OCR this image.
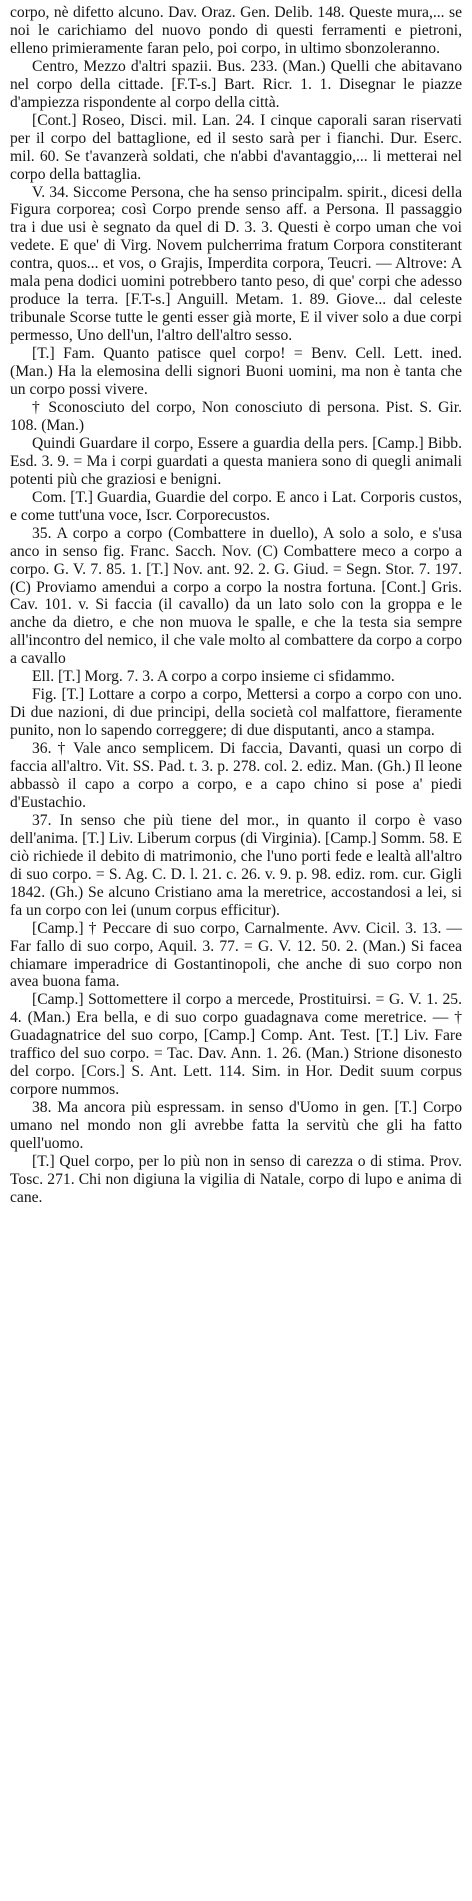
corpo, nè difetto alcuno. Dav. Oraz. Gen. Delib. 148. Queste mura,... se noi le carichiamo del nuovo pondo di questi ferramenti e pietroni, elleno primieramente faran pelo, poi corpo, in ultimo sbonzoleranno.

Centro, Mezzo d'altri spazii. Bus. 233. (Man.) Quelli che abitavano nel corpo della cittade. [F.T-s.] Bart. Ricr. 1. 1. Disegnar le piazze d'ampiezza rispondente al corpo della città.

[Cont.] Roseo, Disci. mil. Lan. 24. I cinque caporali saran riservati per il corpo del battaglione, ed il sesto sarà per i fianchi. Dur. Eserc. mil. 60. Se t'avanzerà soldati, che n'abbi d'avantaggio,... li metterai nel corpo della battaglia.

V. 34. Siccome Persona, che ha senso principalm. spirit., dicesi della Figura corporea; così Corpo prende senso aff. a Persona. Il passaggio tra i due usi è segnato da quel di D. 3. 3. Questi è corpo uman che voi vedete. E que' di Virg. Novem pulcherrima fratum Corpora constiterant contra, quos... et vos, o Grajis, Imperdita corpora, Teucri. — Altrove: A mala pena dodici uomini potrebbero tanto peso, di que' corpi che adesso produce la terra. [F.T-s.] Anguill. Metam. 1. 89. Giove... dal celeste tribunale Scorse tutte le genti esser già morte, E il viver solo a due corpi permesso, Uno dell'un, l'altro dell'altro sesso.

[T.] Fam. Quanto patisce quel corpo! = Benv. Cell. Lett. ined. (Man.) Ha la elemosina delli signori Buoni uomini, ma non è tanta che un corpo possi vivere.

† Sconosciuto del corpo, Non conosciuto di persona. Pist. S. Gir. 108. (Man.)

Quindi Guardare il corpo, Essere a guardia della pers. [Camp.] Bibb. Esd. 3. 9. = Ma i corpi guardati a questa maniera sono di quegli animali potenti più che graziosi e benigni.

Com. [T.] Guardia, Guardie del corpo. E anco i Lat. Corporis custos, e come tutt'una voce, Iscr. Corporecustos.

35. A corpo a corpo (Combattere in duello), A solo a solo, e s'usa anco in senso fig. Franc. Sacch. Nov. (C) Combattere meco a corpo a corpo. G. V. 7. 85. 1. [T.] Nov. ant. 92. 2. G. Giud. = Segn. Stor. 7. 197. (C) Proviamo amendui a corpo a corpo la nostra fortuna. [Cont.] Gris. Cav. 101. v. Si faccia (il cavallo) da un lato solo con la groppa e le anche da dietro, e che non muova le spalle, e che la testa sia sempre all'incontro del nemico, il che vale molto al combattere da corpo a corpo a cavallo

Ell. [T.] Morg. 7. 3. A corpo a corpo insieme ci sfidammo.

Fig. [T.] Lottare a corpo a corpo, Mettersi a corpo a corpo con uno. Di due nazioni, di due principi, della società col malfattore, fieramente punito, non lo sapendo correggere; di due disputanti, anco a stampa.

36. † Vale anco semplicem. Di faccia, Davanti, quasi un corpo di faccia all'altro. Vit. SS. Pad. t. 3. p. 278. col. 2. ediz. Man. (Gh.) Il leone abbassò il capo a corpo a corpo, e a capo chino si pose a' piedi d'Eustachio.

37. In senso che più tiene del mor., in quanto il corpo è vaso dell'anima. [T.] Liv. Liberum corpus (di Virginia). [Camp.] Somm. 58. E ciò richiede il debito di matrimonio, che l'uno porti fede e lealtà all'altro di suo corpo. = S. Ag. C. D. l. 21. c. 26. v. 9. p. 98. ediz. rom. cur. Gigli 1842. (Gh.) Se alcuno Cristiano ama la meretrice, accostandosi a lei, si fa un corpo con lei (unum corpus efficitur).

[Camp.] † Peccare di suo corpo, Carnalmente. Avv. Cicil. 3. 13. — Far fallo di suo corpo, Aquil. 3. 77. = G. V. 12. 50. 2. (Man.) Si facea chiamare imperadrice di Gostantinopoli, che anche di suo corpo non avea buona fama.

[Camp.] Sottomettere il corpo a mercede, Prostituirsi. = G. V. 1. 25. 4. (Man.) Era bella, e di suo corpo guadagnava come meretrice. — † Guadagnatrice del suo corpo, [Camp.] Comp. Ant. Test. [T.] Liv. Fare traffico del suo corpo. = Tac. Dav. Ann. 1. 26. (Man.) Strione disonesto del corpo. [Cors.] S. Ant. Lett. 114. Sim. in Hor. Dedit suum corpus corpore nummos.

38. Ma ancora più espressam. in senso d'Uomo in gen. [T.] Corpo umano nel mondo non gli avrebbe fatta la servitù che gli ha fatto quell'uomo.

[T.] Quel corpo, per lo più non in senso di carezza o di stima. Prov. Tosc. 271. Chi non digiuna la vigilia di Natale, corpo di lupo e anima di cane.
